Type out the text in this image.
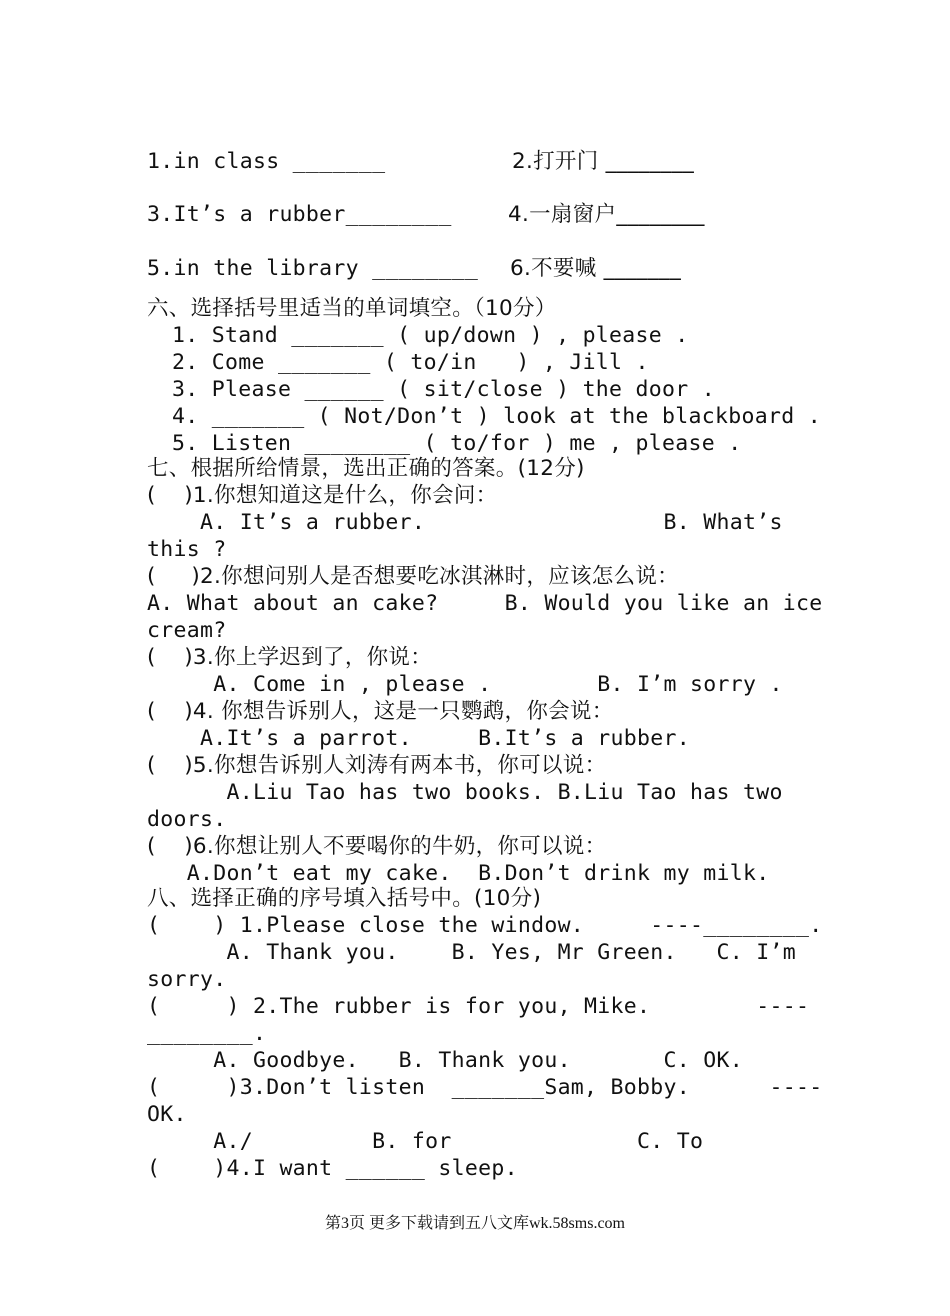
1.in class _______	2.打开门 ________
3.It’s a rubber________	4.一扇窗户________
5.in the library ________ 6.不要喊 _______
六、选择括号里适当的单词填空。（10分）
1. Stand _______ ( up/down ) , please .
2. Come _______ ( to/in   ) , Jill .
3. Please ______ ( sit/close ) the door .
4. _______ ( Not/Don’t ) look at the blackboard .
5. Listen ________ ( to/for ) me , please .
七、根据所给情景，选出正确的答案。(12分)
(    )1.你想知道这是什么，你会问：
A. It’s a rubber.                  B. What’s
this ?
(     )2.你想问别人是否想要吃冰淇淋时，应该怎么说：
A. What about an cake?     B. Would you like an ice
cream?
(    )3.你上学迟到了，你说：
A. Come in , please .        B. I’m sorry .
(    )4. 你想告诉别人，这是一只鹦鹉，你会说：
A.It’s a parrot.     B.It’s a rubber.
(    )5.你想告诉别人刘涛有两本书，你可以说：
A.Liu Tao has two books. B.Liu Tao has two
doors.
(    )6.你想让别人不要喝你的牛奶，你可以说：
A.Don’t eat my cake.  B.Don’t drink my milk.
八、选择正确的序号填入括号中。(10分)
(    ) 1.Please close the window.     ----________.
A. Thank you.    B. Yes, Mr Green.   C. I’m
sorry.
(     ) 2.The rubber is for you, Mike.        ----
________.
A. Goodbye.   B. Thank you.       C. OK.
(     )3.Don’t listen  _______Sam, Bobby.      ----
OK.
A./         B. for              C. To
(    )4.I want ______ sleep.
第3页 更多下载请到五八文库wk.58sms.com
